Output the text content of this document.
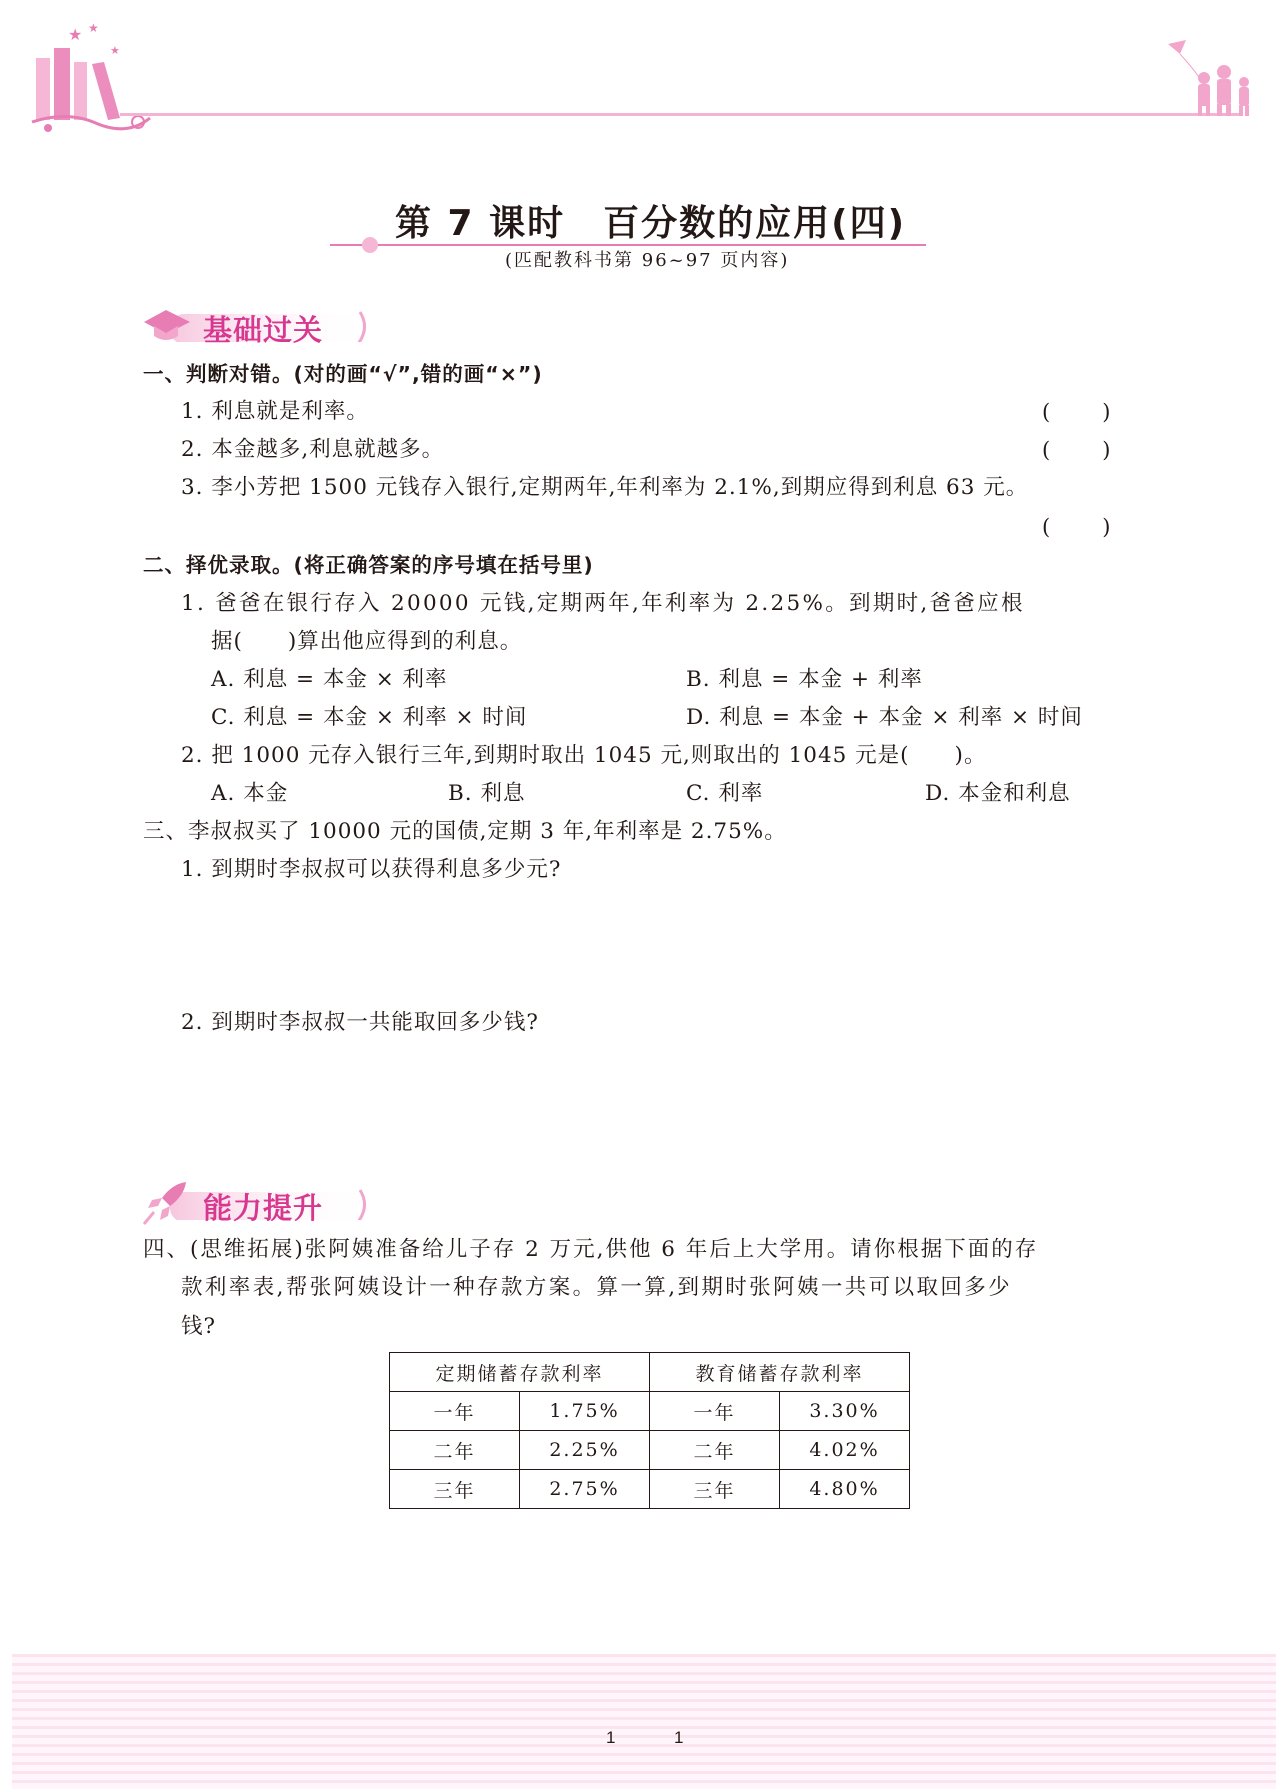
★ ★
★
第 7 课时　百分数的应用(四)
(匹配教科书第 96~97 页内容)
基础过关
一、判断对错。(对的画“√”,错的画“×”)
1. 利息就是利率。	( )
2. 本金越多,利息就越多。	( )
3. 李小芳把 1500 元钱存入银行,定期两年,年利率为 2.1%,到期应得到利息 63 元。
( )
二、择优录取。(将正确答案的序号填在括号里)
1. 爸爸在银行存入 20000 元钱,定期两年,年利率为 2.25%。到期时,爸爸应根
据(　　)算出他应得到的利息。
A. 利息 = 本金 × 利率	B. 利息 = 本金 + 利率
C. 利息 = 本金 × 利率 × 时间	D. 利息 = 本金 + 本金 × 利率 × 时间
2. 把 1000 元存入银行三年,到期时取出 1045 元,则取出的 1045 元是(　　)。
A. 本金	B. 利息	C. 利率	D. 本金和利息
三、李叔叔买了 10000 元的国债,定期 3 年,年利率是 2.75%。
1. 到期时李叔叔可以获得利息多少元?
2. 到期时李叔叔一共能取回多少钱?
能力提升
四、(思维拓展)张阿姨准备给儿子存 2 万元,供他 6 年后上大学用。请你根据下面的存
款利率表,帮张阿姨设计一种存款方案。算一算,到期时张阿姨一共可以取回多少
钱?
定期储蓄存款利率		教育储蓄存款利率	
一年	1.75%	一年	3.30%
二年	2.25%	二年	4.02%
三年	2.75%	三年	4.80%
1	1
